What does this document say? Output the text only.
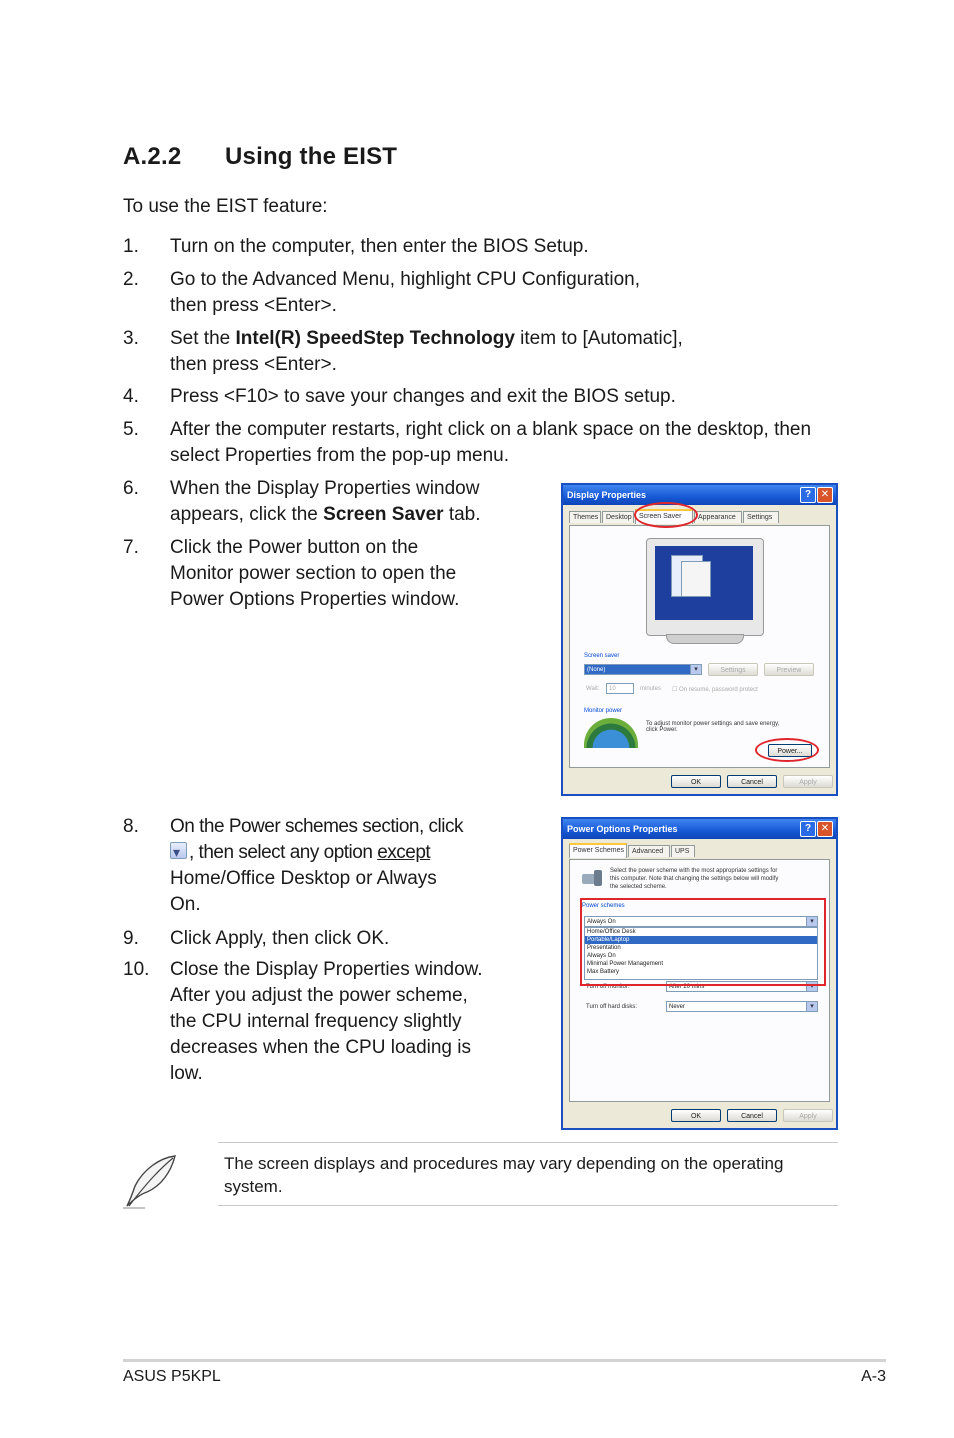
A.2.2 Using the EIST
To use the EIST feature:
1.	Turn on the computer, then enter the BIOS Setup.
2.	Go to the Advanced Menu, highlight CPU Configuration,
then press <Enter>.
3.	Set the Intel(R) SpeedStep Technology item to [Automatic],
then press <Enter>.
4.	Press <F10> to save your changes and exit the BIOS setup.
5.	After the computer restarts, right click on a blank space on the desktop, then
select Properties from the pop-up menu.
6.	When the Display Properties window
appears, click the Screen Saver tab.
7.	Click the Power button on the
Monitor power section to open the
Power Options Properties window.
8.	On the Power schemes section, click
▾, then select any option except
Home/Office Desktop or Always
On.
9.	Click Apply, then click OK.
10.	Close the Display Properties window.
After you adjust the power scheme,
the CPU internal frequency slightly
decreases when the CPU loading is
low.
Display Properties	? ✕
Themes	Desktop	Screen Saver	Appearance	Settings
Screen saver
(None)	▾	Settings	Preview
Wait:	10	minutes ☐ On resume, password protect
Monitor power
To adjust monitor power settings and save energy,
click Power.
Power...
OK	Cancel	Apply
Power Options Properties	? ✕
Power Schemes	Advanced	UPS
Select the power scheme with the most appropriate settings for
this computer. Note that changing the settings below will modify
the selected scheme.
Power schemes
Always On	▾
Home/Office Desk
Portable/Laptop
Presentation
Always On
Minimal Power Management
Max Battery
Turn off monitor:	After 20 mins	▾
Turn off hard disks:	Never	▾
OK	Cancel	Apply
The screen displays and procedures may vary depending on the operating system.
ASUS P5KPL	A-3
